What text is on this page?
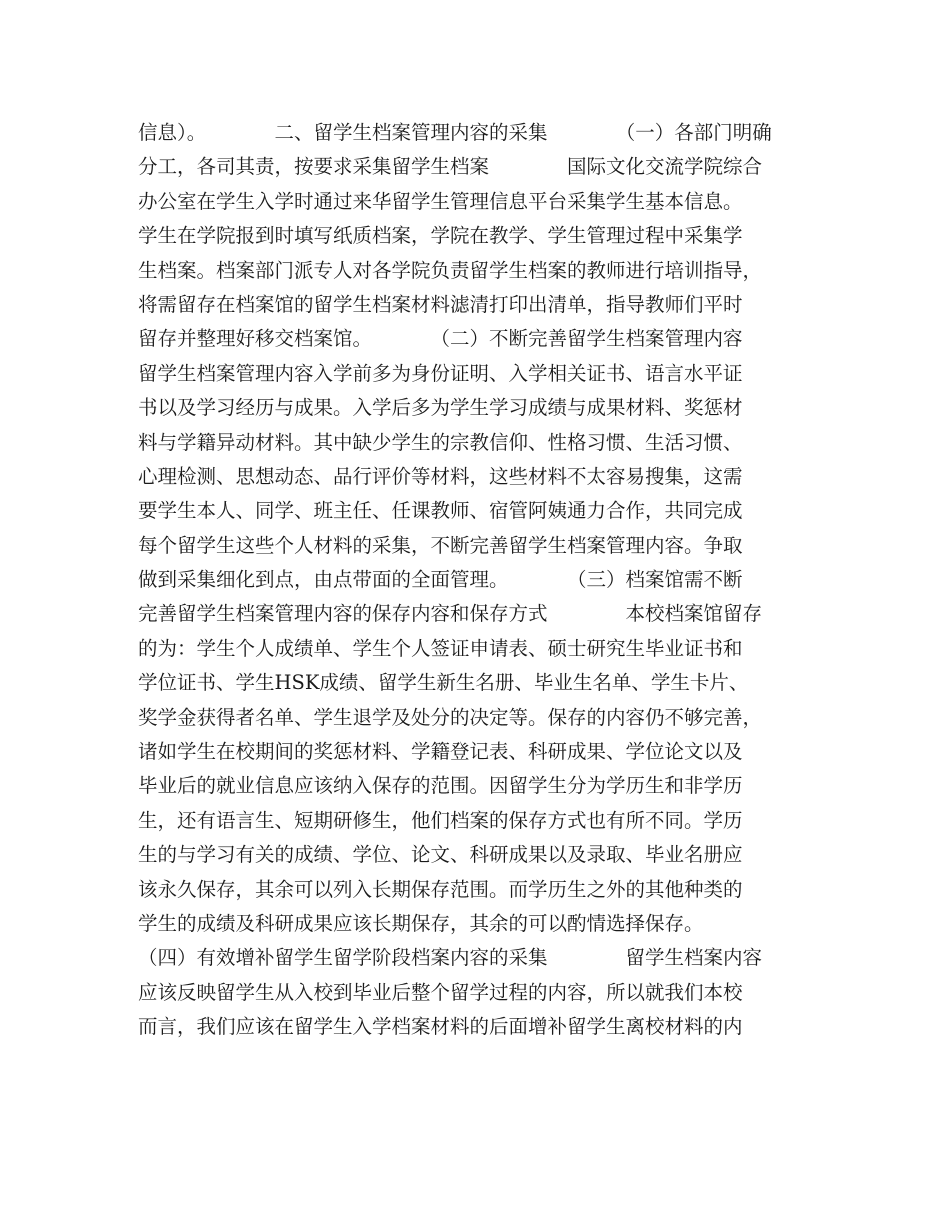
信息）。　　　　二、留学生档案管理内容的采集　　　　（一）各部门明确
分工，各司其责，按要求采集留学生档案　　　　国际文化交流学院综合
办公室在学生入学时通过来华留学生管理信息平台采集学生基本信息。
学生在学院报到时填写纸质档案，学院在教学、学生管理过程中采集学
生档案。档案部门派专人对各学院负责留学生档案的教师进行培训指导，
将需留存在档案馆的留学生档案材料滤清打印出清单，指导教师们平时
留存并整理好移交档案馆。　　　　（二）不断完善留学生档案管理内容
留学生档案管理内容入学前多为身份证明、入学相关证书、语言水平证
书以及学习经历与成果。入学后多为学生学习成绩与成果材料、奖惩材
料与学籍异动材料。其中缺少学生的宗教信仰、性格习惯、生活习惯、
心理检测、思想动态、品行评价等材料，这些材料不太容易搜集，这需
要学生本人、同学、班主任、任课教师、宿管阿姨通力合作，共同完成
每个留学生这些个人材料的采集，不断完善留学生档案管理内容。争取
做到采集细化到点，由点带面的全面管理。　　　　（三）档案馆需不断
完善留学生档案管理内容的保存内容和保存方式　　　　本校档案馆留存
的为：学生个人成绩单、学生个人签证申请表、硕士研究生毕业证书和
学位证书、学生HSK成绩、留学生新生名册、毕业生名单、学生卡片、
奖学金获得者名单、学生退学及处分的决定等。保存的内容仍不够完善，
诸如学生在校期间的奖惩材料、学籍登记表、科研成果、学位论文以及
毕业后的就业信息应该纳入保存的范围。因留学生分为学历生和非学历
生，还有语言生、短期研修生，他们档案的保存方式也有所不同。学历
生的与学习有关的成绩、学位、论文、科研成果以及录取、毕业名册应
该永久保存，其余可以列入长期保存范围。而学历生之外的其他种类的
学生的成绩及科研成果应该长期保存，其余的可以酌情选择保存。
（四）有效增补留学生留学阶段档案内容的采集　　　　留学生档案内容
应该反映留学生从入校到毕业后整个留学过程的内容，所以就我们本校
而言，我们应该在留学生入学档案材料的后面增补留学生离校材料的内
